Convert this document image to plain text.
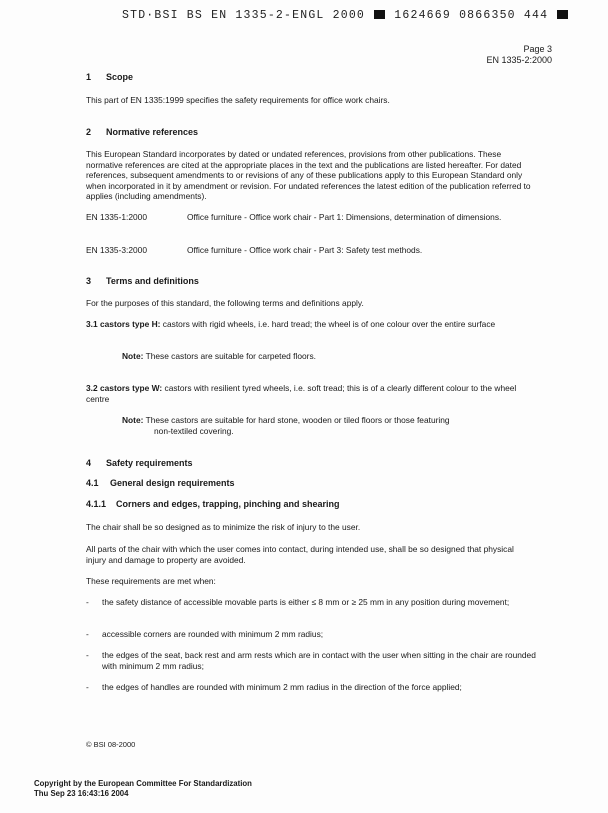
STD·BSI BS EN 1335-2-ENGL 2000	1624669 0866350 444
Page 3
EN 1335-2:2000
1 Scope
This part of EN 1335:1999 specifies the safety requirements for office work chairs.
2 Normative references
This European Standard incorporates by dated or undated references, provisions from other publications. These normative references are cited at the appropriate places in the text and the publications are listed hereafter. For dated references, subsequent amendments to or revisions of any of these publications apply to this European Standard only when incorporated in it by amendment or revision. For undated references the latest edition of the publication referred to applies (including amendments).
EN 1335-1:2000	Office furniture - Office work chair - Part 1: Dimensions, determination of dimensions.
EN 1335-3:2000	Office furniture - Office work chair - Part 3: Safety test methods.
3 Terms and definitions
For the purposes of this standard, the following terms and definitions apply.
3.1 castors type H: castors with rigid wheels, i.e. hard tread; the wheel is of one colour over the entire surface
Note: These castors are suitable for carpeted floors.
3.2 castors type W: castors with resilient tyred wheels, i.e. soft tread; this is of a clearly different colour to the wheel centre
Note: These castors are suitable for hard stone, wooden or tiled floors or those featuring
non-textiled covering.
4 Safety requirements
4.1 General design requirements
4.1.1 Corners and edges, trapping, pinching and shearing
The chair shall be so designed as to minimize the risk of injury to the user.
All parts of the chair with which the user comes into contact, during intended use, shall be so designed that physical injury and damage to property are avoided.
These requirements are met when:
- the safety distance of accessible movable parts is either ≤ 8 mm or ≥ 25 mm in any position during movement;
- accessible corners are rounded with minimum 2 mm radius;
- the edges of the seat, back rest and arm rests which are in contact with the user when sitting in the chair are rounded with minimum 2 mm radius;
- the edges of handles are rounded with minimum 2 mm radius in the direction of the force applied;
© BSI 08-2000
Copyright by the European Committee For Standardization
Thu Sep 23 16:43:16 2004
